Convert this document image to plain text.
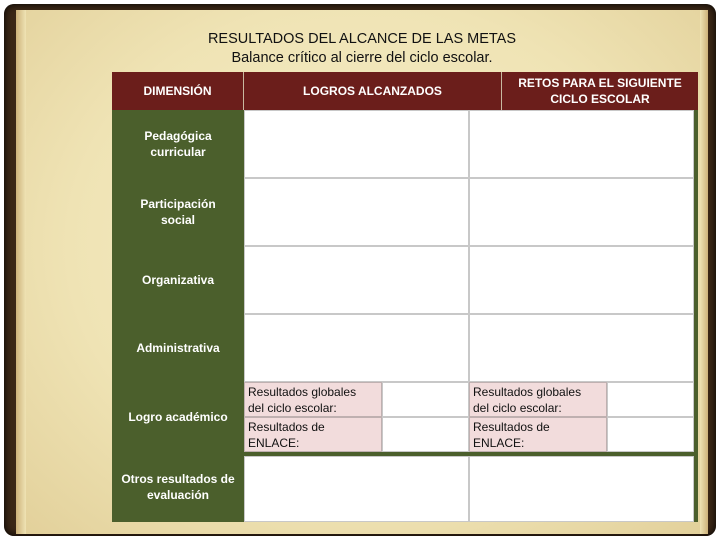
RESULTADOS DEL ALCANCE DE LAS METAS
Balance crítico al cierre del ciclo escolar.
DIMENSIÓN	LOGROS ALCANZADOS
RETOS PARA EL SIGUIENTE
CICLO ESCOLAR
Pedagógica
curricular
Participación
social
Organizativa
Administrativa
Logro académico
Resultados globales
del ciclo escolar:
Resultados de
ENLACE:
Resultados globales
del ciclo escolar:
Resultados de
ENLACE:
Otros resultados de
evaluación
